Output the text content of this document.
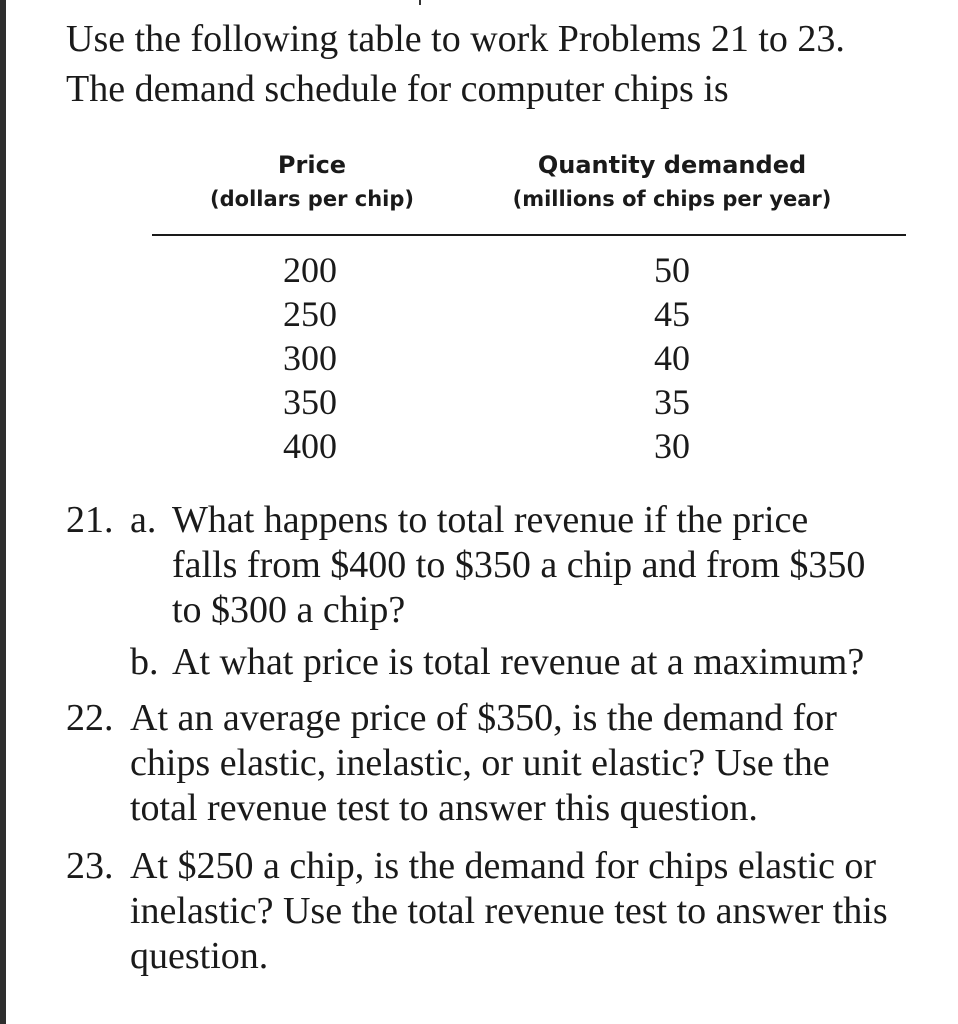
Use the following table to work Problems 21 to 23.
The demand schedule for computer chips is
Price
(dollars per chip)
Quantity demanded
(millions of chips per year)
200
250
300
350
400
50
45
40
35
30
21. a. What happens to total revenue if the price
falls from $400 to $350 a chip and from $350
to $300 a chip?
b. At what price is total revenue at a maximum?
22. At an average price of $350, is the demand for
chips elastic, inelastic, or unit elastic? Use the
total revenue test to answer this question.
23. At $250 a chip, is the demand for chips elastic or
inelastic? Use the total revenue test to answer this
question.
